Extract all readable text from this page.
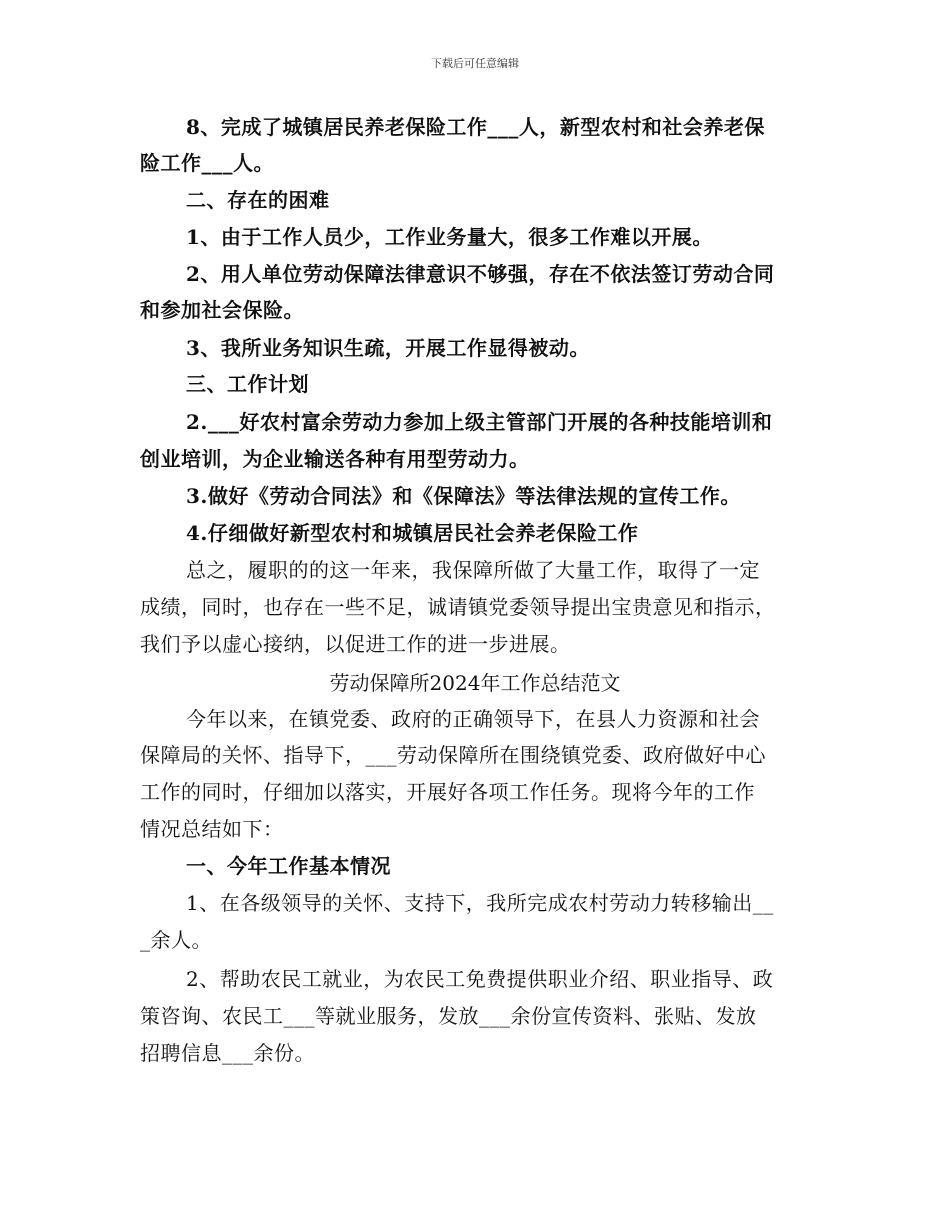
下载后可任意编辑
8、完成了城镇居民养老保险工作___人，新型农村和社会养老保
险工作___人。
二、存在的困难
1、由于工作人员少，工作业务量大，很多工作难以开展。
2、用人单位劳动保障法律意识不够强，存在不依法签订劳动合同
和参加社会保险。
3、我所业务知识生疏，开展工作显得被动。
三、工作计划
2.___好农村富余劳动力参加上级主管部门开展的各种技能培训和
创业培训，为企业输送各种有用型劳动力。
3.做好《劳动合同法》和《保障法》等法律法规的宣传工作。
4.仔细做好新型农村和城镇居民社会养老保险工作
总之，履职的的这一年来，我保障所做了大量工作，取得了一定
成绩，同时，也存在一些不足，诚请镇党委领导提出宝贵意见和指示，
我们予以虚心接纳，以促进工作的进一步进展。
劳动保障所2024年工作总结范文
今年以来，在镇党委、政府的正确领导下，在县人力资源和社会
保障局的关怀、指导下，___劳动保障所在围绕镇党委、政府做好中心
工作的同时，仔细加以落实，开展好各项工作任务。现将今年的工作
情况总结如下：
一、今年工作基本情况
1、在各级领导的关怀、支持下，我所完成农村劳动力转移输出__
_余人。
2、帮助农民工就业，为农民工免费提供职业介绍、职业指导、政
策咨询、农民工___等就业服务，发放___余份宣传资料、张贴、发放
招聘信息___余份。
